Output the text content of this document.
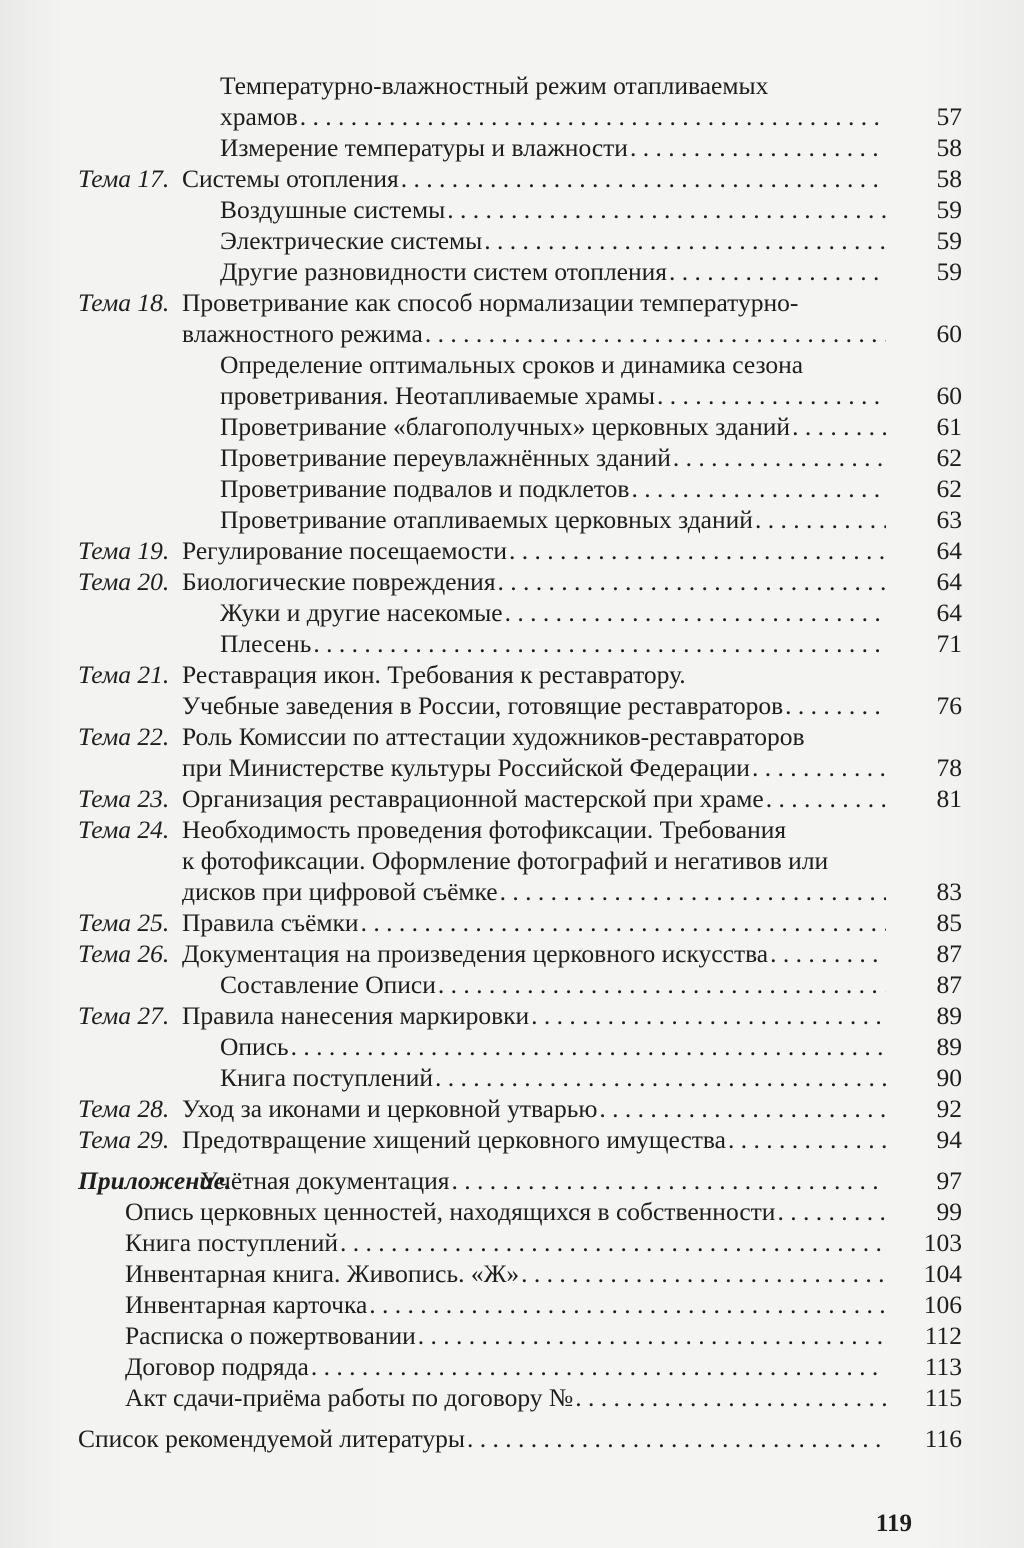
Температурно-влажностный режим отапливаемых
храмов . . .	57
Измерение температуры и влажности . . .	58
Тема 17. Системы отопления . . .	58
Воздушные системы . . .	59
Электрические системы . . .	59
Другие разновидности систем отопления . . .	59
Тема 18. Проветривание как способ нормализации температурно-
влажностного режима . . .	60
Определение оптимальных сроков и динамика сезона
проветривания. Неотапливаемые храмы . . .	60
Проветривание «благополучных» церковных зданий . . .	61
Проветривание переувлажнённых зданий . . .	62
Проветривание подвалов и подклетов . . .	62
Проветривание отапливаемых церковных зданий . . .	63
Тема 19. Регулирование посещаемости . . .	64
Тема 20. Биологические повреждения . . .	64
Жуки и другие насекомые . . .	64
Плесень . . .	71
Тема 21. Реставрация икон. Требования к реставратору.
Учебные заведения в России, готовящие реставраторов . . .	76
Тема 22. Роль Комиссии по аттестации художников-реставраторов
при Министерстве культуры Российской Федерации . . .	78
Тема 23. Организация реставрационной мастерской при храме . . .	81
Тема 24. Необходимость проведения фотофиксации. Требования
к фотофиксации. Оформление фотографий и негативов или
дисков при цифровой съёмке . . .	83
Тема 25. Правила съёмки . . .	85
Тема 26. Документация на произведения церковного искусства . . .	87
Составление Описи . . .	87
Тема 27. Правила нанесения маркировки . . .	89
Опись . . .	89
Книга поступлений . . .	90
Тема 28. Уход за иконами и церковной утварью . . .	92
Тема 29. Предотвращение хищений церковного имущества . . .	94
Приложение.
Учётная документация . . .	97
Опись церковных ценностей, находящихся в собственности . . .	99
Книга поступлений . . .	103
Инвентарная книга. Живопись. «Ж» . . .	104
Инвентарная карточка . . .	106
Расписка о пожертвовании . . .	112
Договор подряда . . .	113
Акт сдачи-приёма работы по договору № . . .	115
Список рекомендуемой литературы . . .	116
119
